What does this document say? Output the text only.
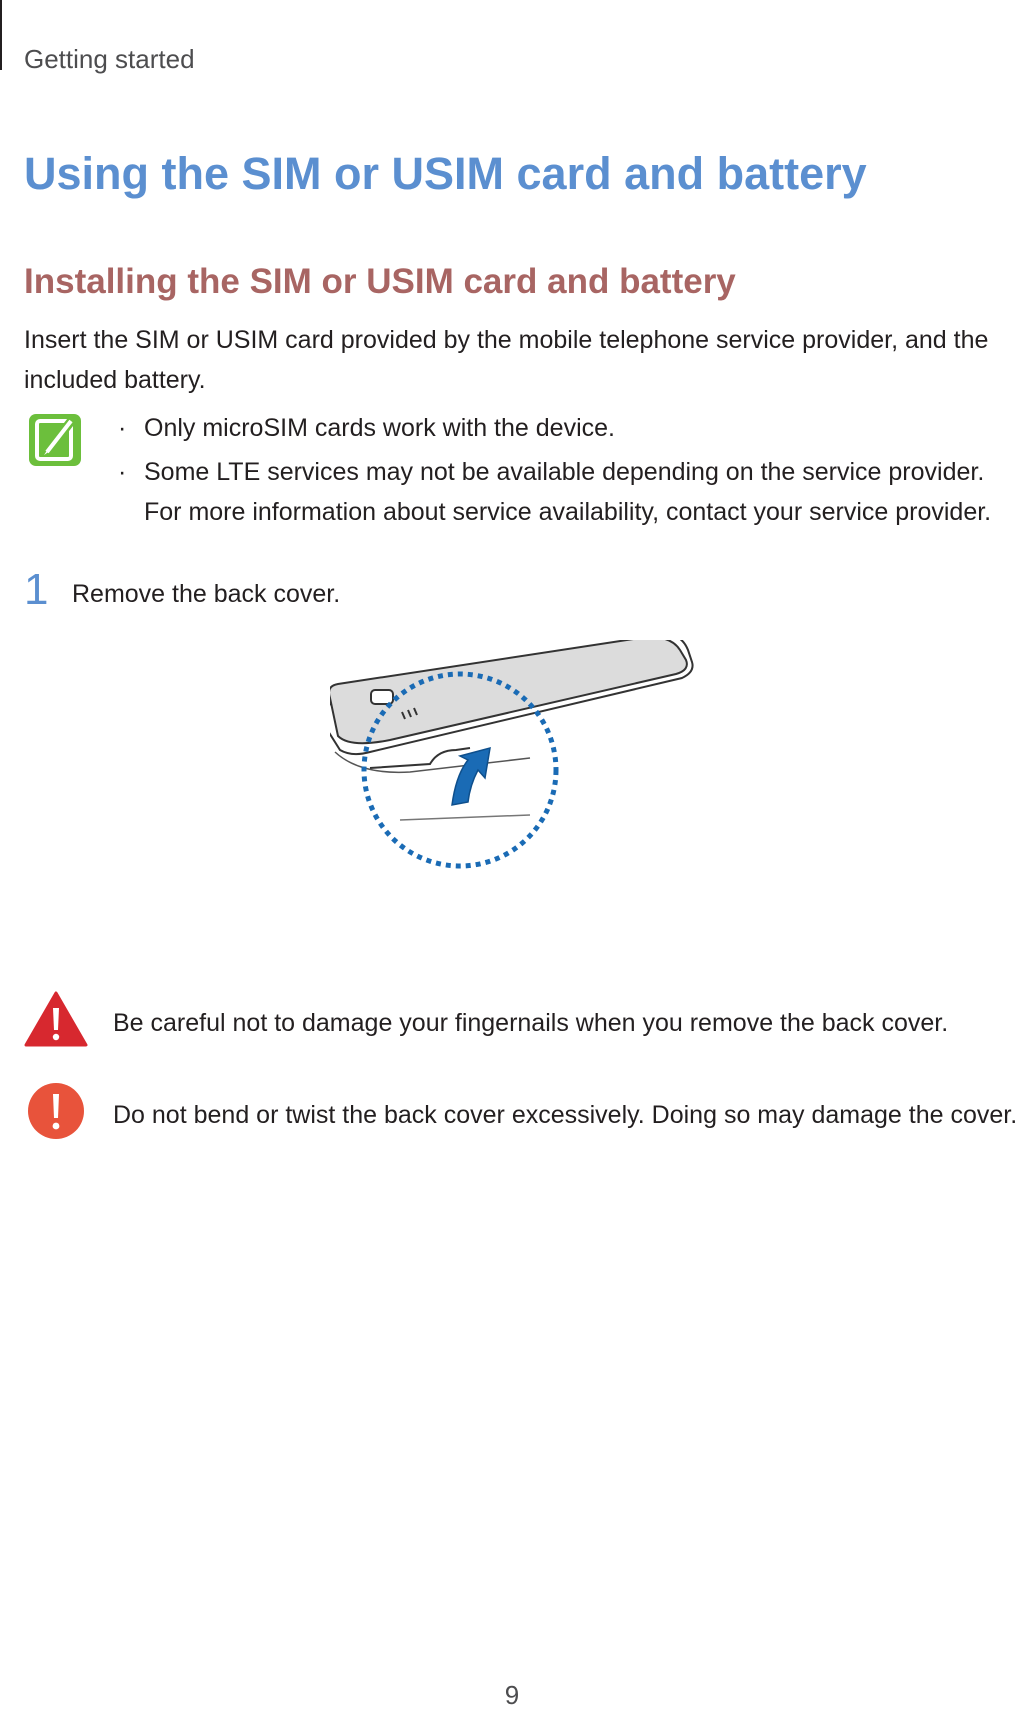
Getting started
Using the SIM or USIM card and battery
Installing the SIM or USIM card and battery

Insert the SIM or USIM card provided by the mobile telephone service provider, and the included battery.

· Only microSIM cards work with the device.
· Some LTE services may not be available depending on the service provider. For more information about service availability, contact your service provider.
1 Remove the back cover.
Be careful not to damage your fingernails when you remove the back cover.
Do not bend or twist the back cover excessively. Doing so may damage the cover.
9
